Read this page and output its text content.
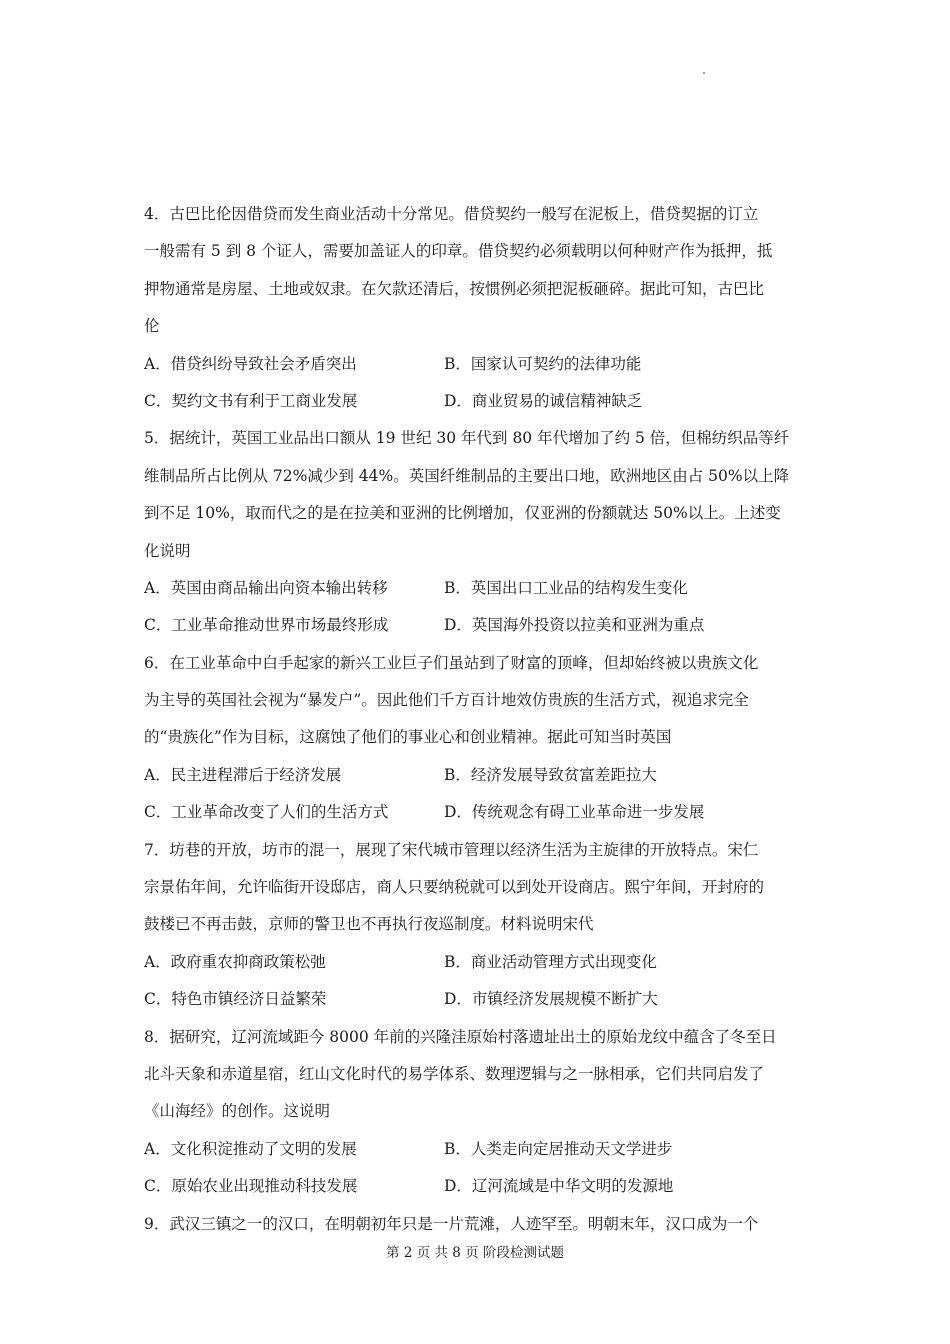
4．古巴比伦因借贷而发生商业活动十分常见。借贷契约一般写在泥板上，借贷契据的订立
一般需有 5 到 8 个证人，需要加盖证人的印章。借贷契约必须载明以何种财产作为抵押，抵
押物通常是房屋、土地或奴隶。在欠款还清后，按惯例必须把泥板砸碎。据此可知，古巴比
伦
A．借贷纠纷导致社会矛盾突出	B．国家认可契约的法律功能
C．契约文书有利于工商业发展	D．商业贸易的诚信精神缺乏
5．据统计，英国工业品出口额从 19 世纪 30 年代到 80 年代增加了约 5 倍，但棉纺织品等纤
维制品所占比例从 72%减少到 44%。英国纤维制品的主要出口地，欧洲地区由占 50%以上降
到不足 10%，取而代之的是在拉美和亚洲的比例增加，仅亚洲的份额就达 50%以上。上述变
化说明
A．英国由商品输出向资本输出转移	B．英国出口工业品的结构发生变化
C．工业革命推动世界市场最终形成	D．英国海外投资以拉美和亚洲为重点
6．在工业革命中白手起家的新兴工业巨子们虽站到了财富的顶峰，但却始终被以贵族文化
为主导的英国社会视为“暴发户”。因此他们千方百计地效仿贵族的生活方式，视追求完全
的“贵族化”作为目标，这腐蚀了他们的事业心和创业精神。据此可知当时英国
A．民主进程滞后于经济发展	B．经济发展导致贫富差距拉大
C．工业革命改变了人们的生活方式	D．传统观念有碍工业革命进一步发展
7．坊巷的开放，坊市的混一，展现了宋代城市管理以经济生活为主旋律的开放特点。宋仁
宗景佑年间，允许临街开设邸店，商人只要纳税就可以到处开设商店。熙宁年间，开封府的
鼓楼已不再击鼓，京师的警卫也不再执行夜巡制度。材料说明宋代
A．政府重农抑商政策松弛	B．商业活动管理方式出现变化
C．特色市镇经济日益繁荣	D．市镇经济发展规模不断扩大
8．据研究，辽河流域距今 8000 年前的兴隆洼原始村落遗址出土的原始龙纹中蕴含了冬至日
北斗天象和赤道星宿，红山文化时代的易学体系、数理逻辑与之一脉相承，它们共同启发了
《山海经》的创作。这说明
A．文化积淀推动了文明的发展	B．人类走向定居推动天文学进步
C．原始农业出现推动科技发展	D．辽河流域是中华文明的发源地
9．武汉三镇之一的汉口，在明朝初年只是一片荒滩，人迹罕至。明朝末年，汉口成为一个
第 2 页 共 8 页 阶段检测试题
